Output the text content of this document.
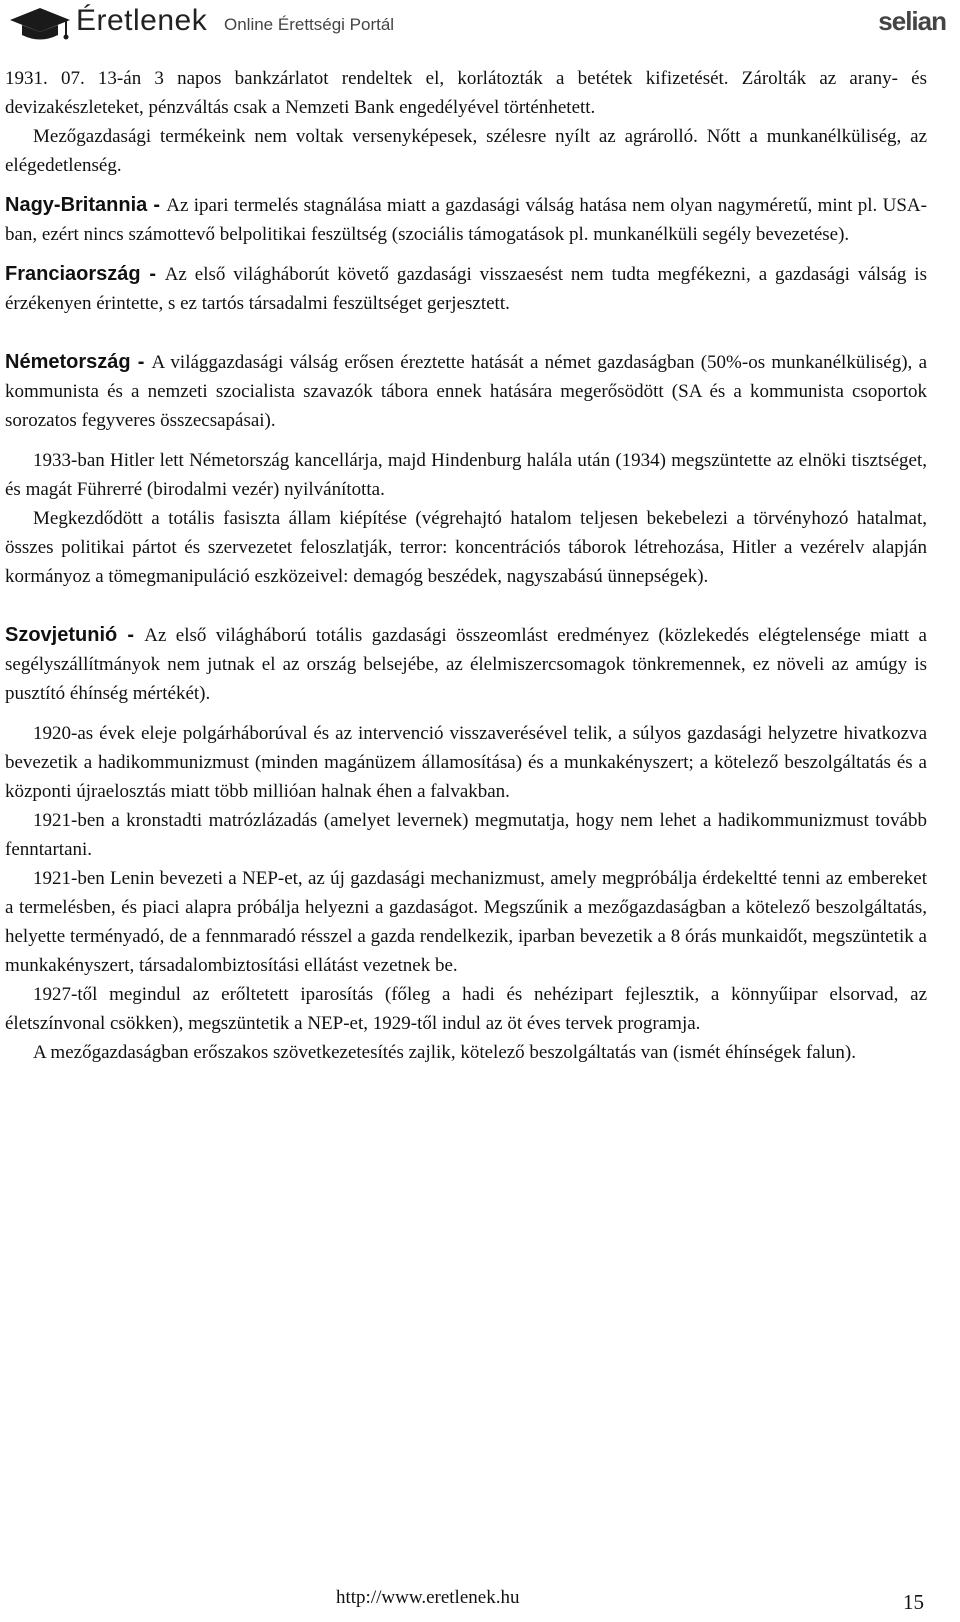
Éretlenek Online Érettségi Portál	selian

1931. 07. 13-án 3 napos bankzárlatot rendeltek el, korlátozták a betétek kifizetését. Zárolták az arany- és devizakészleteket, pénzváltás csak a Nemzeti Bank engedélyével történhetett.

Mezőgazdasági termékeink nem voltak versenyképesek, szélesre nyílt az agrárolló. Nőtt a munkanélküliség, az elégedetlenség.

Nagy-Britannia - Az ipari termelés stagnálása miatt a gazdasági válság hatása nem olyan nagyméretű, mint pl. USA-ban, ezért nincs számottevő belpolitikai feszültség (szociális támogatások pl. munkanélküli segély bevezetése).

Franciaország - Az első világháborút követő gazdasági visszaesést nem tudta megfékezni, a gazdasági válság is érzékenyen érintette, s ez tartós társadalmi feszültséget gerjesztett.

Németország - A világgazdasági válság erősen éreztette hatását a német gazdaságban (50%-os munkanélküliség), a kommunista és a nemzeti szocialista szavazók tábora ennek hatására megerősödött (SA és a kommunista csoportok sorozatos fegyveres összecsapásai).

1933-ban Hitler lett Németország kancellárja, majd Hindenburg halála után (1934) megszüntette az elnöki tisztséget, és magát Führerré (birodalmi vezér) nyilvánította.

Megkezdődött a totális fasiszta állam kiépítése (végrehajtó hatalom teljesen bekebelezi a törvényhozó hatalmat, összes politikai pártot és szervezetet feloszlatják, terror: koncentrációs táborok létrehozása, Hitler a vezérelv alapján kormányoz a tömegmanipuláció eszközeivel: demagóg beszédek, nagyszabású ünnepségek).

Szovjetunió - Az első világháború totális gazdasági összeomlást eredményez (közlekedés elégtelensége miatt a segélyszállítmányok nem jutnak el az ország belsejébe, az élelmiszercsomagok tönkremennek, ez növeli az amúgy is pusztító éhínség mértékét).

1920-as évek eleje polgárháborúval és az intervenció visszaverésével telik, a súlyos gazdasági helyzetre hivatkozva bevezetik a hadikommunizmust (minden magánüzem államosítása) és a munkakényszert; a kötelező beszolgáltatás és a központi újraelosztás miatt több millióan halnak éhen a falvakban.

1921-ben a kronstadti matrózlázadás (amelyet levernek) megmutatja, hogy nem lehet a hadikommunizmust tovább fenntartani.

1921-ben Lenin bevezeti a NEP-et, az új gazdasági mechanizmust, amely megpróbálja érdekeltté tenni az embereket a termelésben, és piaci alapra próbálja helyezni a gazdaságot. Megszűnik a mezőgazdaságban a kötelező beszolgáltatás, helyette terményadó, de a fennmaradó résszel a gazda rendelkezik, iparban bevezetik a 8 órás munkaidőt, megszüntetik a munkakényszert, társadalombiztosítási ellátást vezetnek be.

1927-től megindul az erőltetett iparosítás (főleg a hadi és nehézipart fejlesztik, a könnyűipar elsorvad, az életszínvonal csökken), megszüntetik a NEP-et, 1929-től indul az öt éves tervek programja.

A mezőgazdaságban erőszakos szövetkezetesítés zajlik, kötelező beszolgáltatás van (ismét éhínségek falun).

http://www.eretlenek.hu	15
